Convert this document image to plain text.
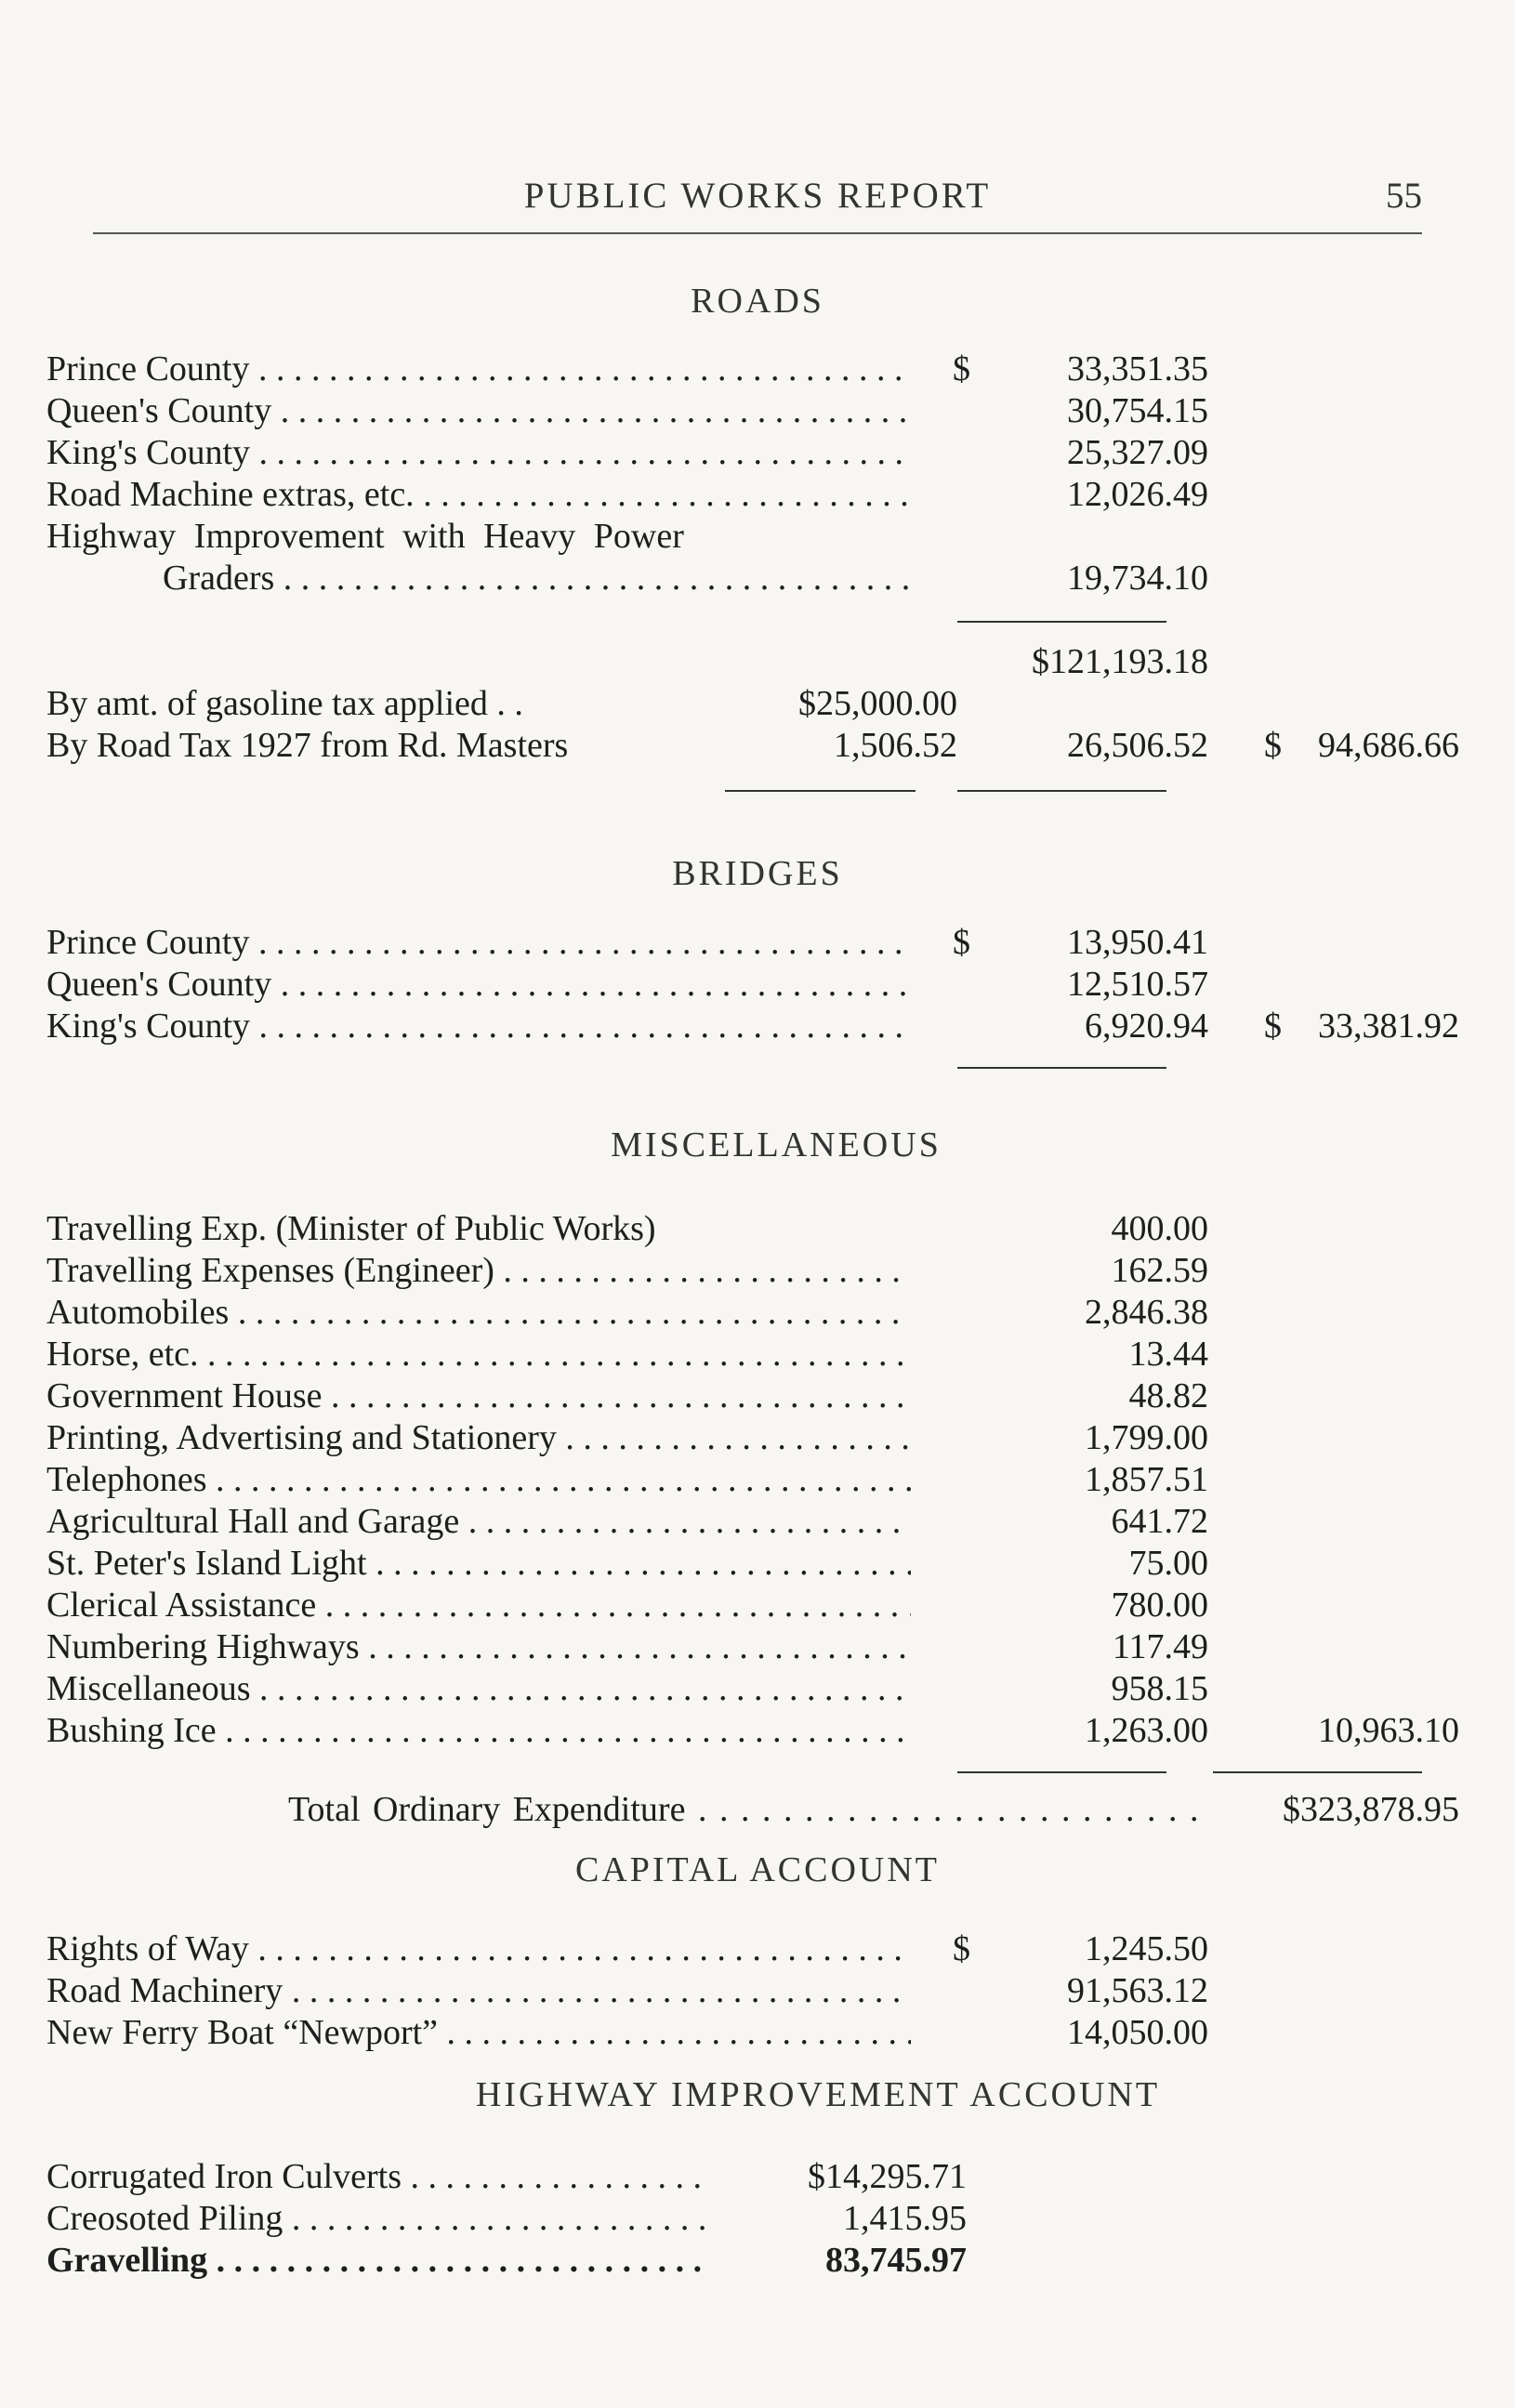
PUBLIC WORKS REPORT	55
ROADS
Prince County . . .	$	33,351.35
Queen's County . . .	30,754.15
King's County . . .	25,327.09
Road Machine extras, etc. . . .	12,026.49
Highway Improvement with Heavy Power
Graders . . .	19,734.10
$121,193.18
By amt. of gasoline tax applied . .	$25,000.00
By Road Tax 1927 from Rd. Masters	1,506.52	26,506.52 $	94,686.66
BRIDGES
Prince County . . .	$	13,950.41
Queen's County . . .	12,510.57
King's County . . .	6,920.94 $	33,381.92
MISCELLANEOUS
Travelling Exp. (Minister of Public Works)	400.00
Travelling Expenses (Engineer) . . .	162.59
Automobiles . . .	2,846.38
Horse, etc. . . .	13.44
Government House . . .	48.82
Printing, Advertising and Stationery . . .	1,799.00
Telephones . . .	1,857.51
Agricultural Hall and Garage . . .	641.72
St. Peter's Island Light . . .	75.00
Clerical Assistance . . .	780.00
Numbering Highways . . .	117.49
Miscellaneous . . .	958.15
Bushing Ice . . .	1,263.00	10,963.10
Total Ordinary Expenditure . . .	$323,878.95
CAPITAL ACCOUNT
Rights of Way . . .	$	1,245.50
Road Machinery . . .	91,563.12
New Ferry Boat “Newport” . . .	14,050.00
HIGHWAY IMPROVEMENT ACCOUNT
Corrugated Iron Culverts . . .	$14,295.71
Creosoted Piling . . .	1,415.95
Gravelling . . .	83,745.97
